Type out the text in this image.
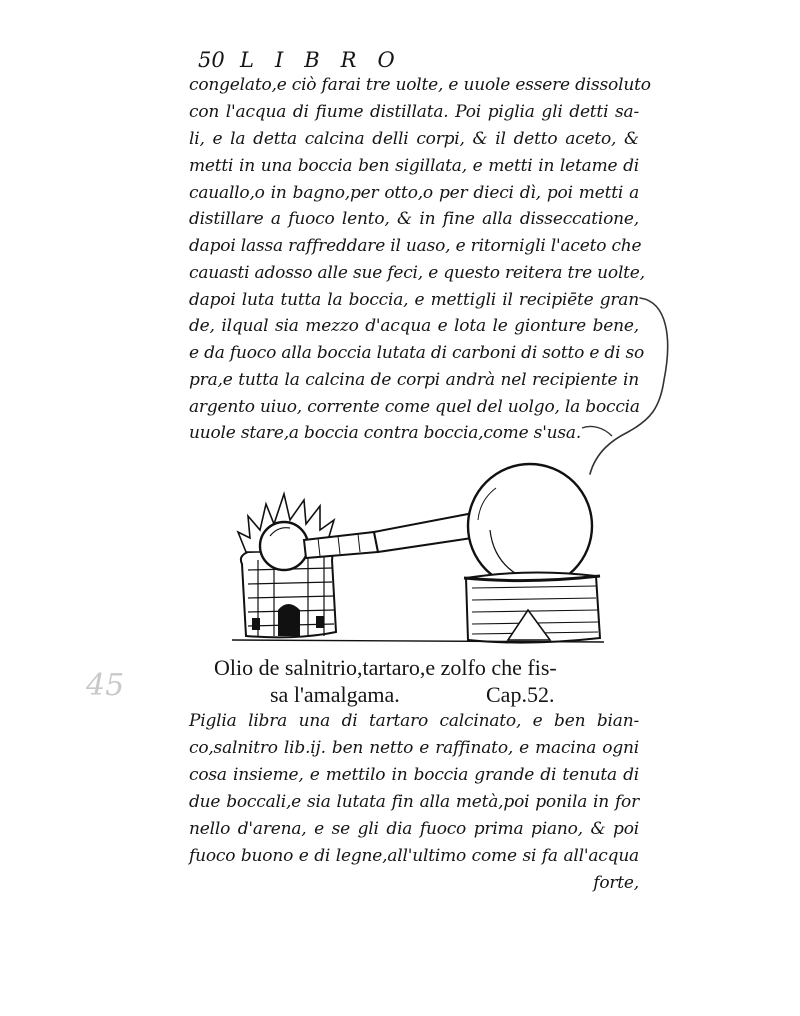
50 LIBRO
congelato,e ciò farai tre uolte, e uuole essere dissoluto
con l'acqua di fiume distillata. Poi piglia gli detti sa-
li, e la detta calcina delli corpi, & il detto aceto, &
metti in una boccia ben sigillata, e metti in letame di
cauallo,o in bagno,per otto,o per dieci dì, poi metti a
distillare a fuoco lento, & in fine alla disseccatione,
dapoi lassa raffreddare il uaso, e ritornigli l'aceto che
cauasti adosso alle sue feci, e questo reitera tre uolte,
dapoi luta tutta la boccia, e mettigli il recipiēte gran
de, ilqual sia mezzo d'acqua e lota le gionture bene,
e da fuoco alla boccia lutata di carboni di sotto e di so
pra,e tutta la calcina de corpi andrà nel recipiente in
argento uiuo, corrente come quel del uolgo, la boccia
uuole stare,a boccia contra boccia,come s'usa.
45
Olio de salnitrio,tartaro,e zolfo che fis-
sa l'amalgama.	Cap.52.
Piglia libra una di tartaro calcinato, e ben bian-
co,salnitro lib.ij. ben netto e raffinato, e macina ogni
cosa insieme, e mettilo in boccia grande di tenuta di
due boccali,e sia lutata fin alla metà,poi ponila in for
nello d'arena, e se gli dia fuoco prima piano, & poi
fuoco buono e di legne,all'ultimo come si fa all'acqua
forte,
